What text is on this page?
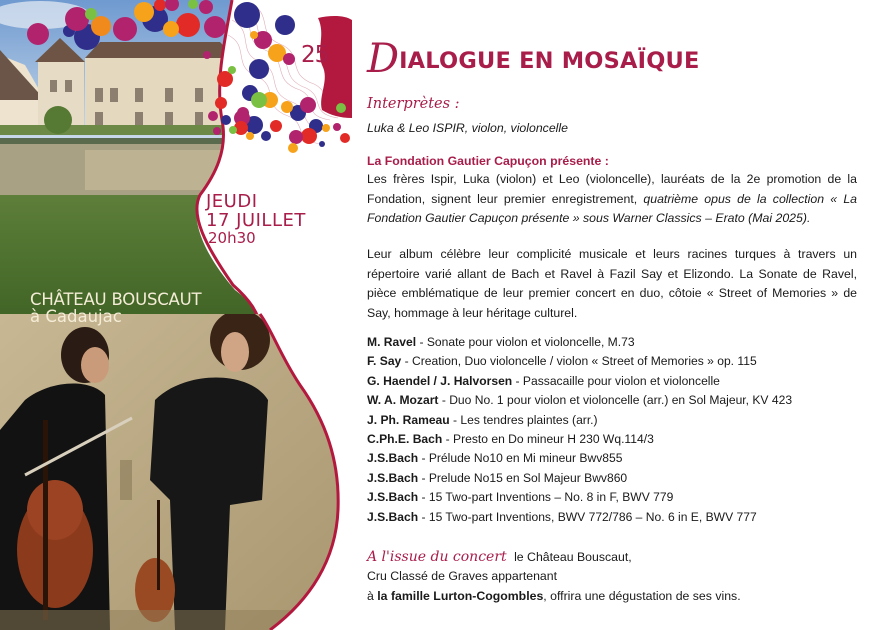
25
JEUDI
17 JUILLET
20h30
CHÂTEAU BOUSCAUT
à Cadaujac
DIALOGUE EN MOSAÏQUE
Interprètes :
Luka & Leo ISPIR, violon, violoncelle
La Fondation Gautier Capuçon présente :

Les frères Ispir, Luka (violon) et Leo (violoncelle), lauréats de la 2e promotion de la Fondation, signent leur premier enregistrement, quatrième opus de la collection « La Fondation Gautier Capuçon présente » sous Warner Classics – Erato (Mai 2025).

Leur album célèbre leur complicité musicale et leurs racines turques à travers un répertoire varié allant de Bach et Ravel à Fazil Say et Elizondo. La Sonate de Ravel, pièce emblématique de leur premier concert en duo, côtoie « Street of Memories » de Say, hommage à leur héritage culturel.

M. Ravel - Sonate pour violon et violoncelle, M.73
F. Say - Creation, Duo violoncelle / violon « Street of Memories » op. 115
G. Haendel / J. Halvorsen - Passacaille pour violon et violoncelle
W. A. Mozart - Duo No. 1 pour violon et violoncelle (arr.) en Sol Majeur, KV 423
J. Ph. Rameau - Les tendres plaintes (arr.)
C.Ph.E. Bach - Presto en Do mineur H 230 Wq.114/3
J.S.Bach - Prélude No10 en Mi mineur Bwv855
J.S.Bach - Prelude No15 en Sol Majeur Bwv860
J.S.Bach - 15 Two-part Inventions – No. 8 in F, BWV 779
J.S.Bach - 15 Two-part Inventions, BWV 772/786 – No. 6 in E, BWV 777
A l'issue du concert le Château Bouscaut,
Cru Classé de Graves appartenant
à la famille Lurton-Cogombles, offrira une dégustation de ses vins.
